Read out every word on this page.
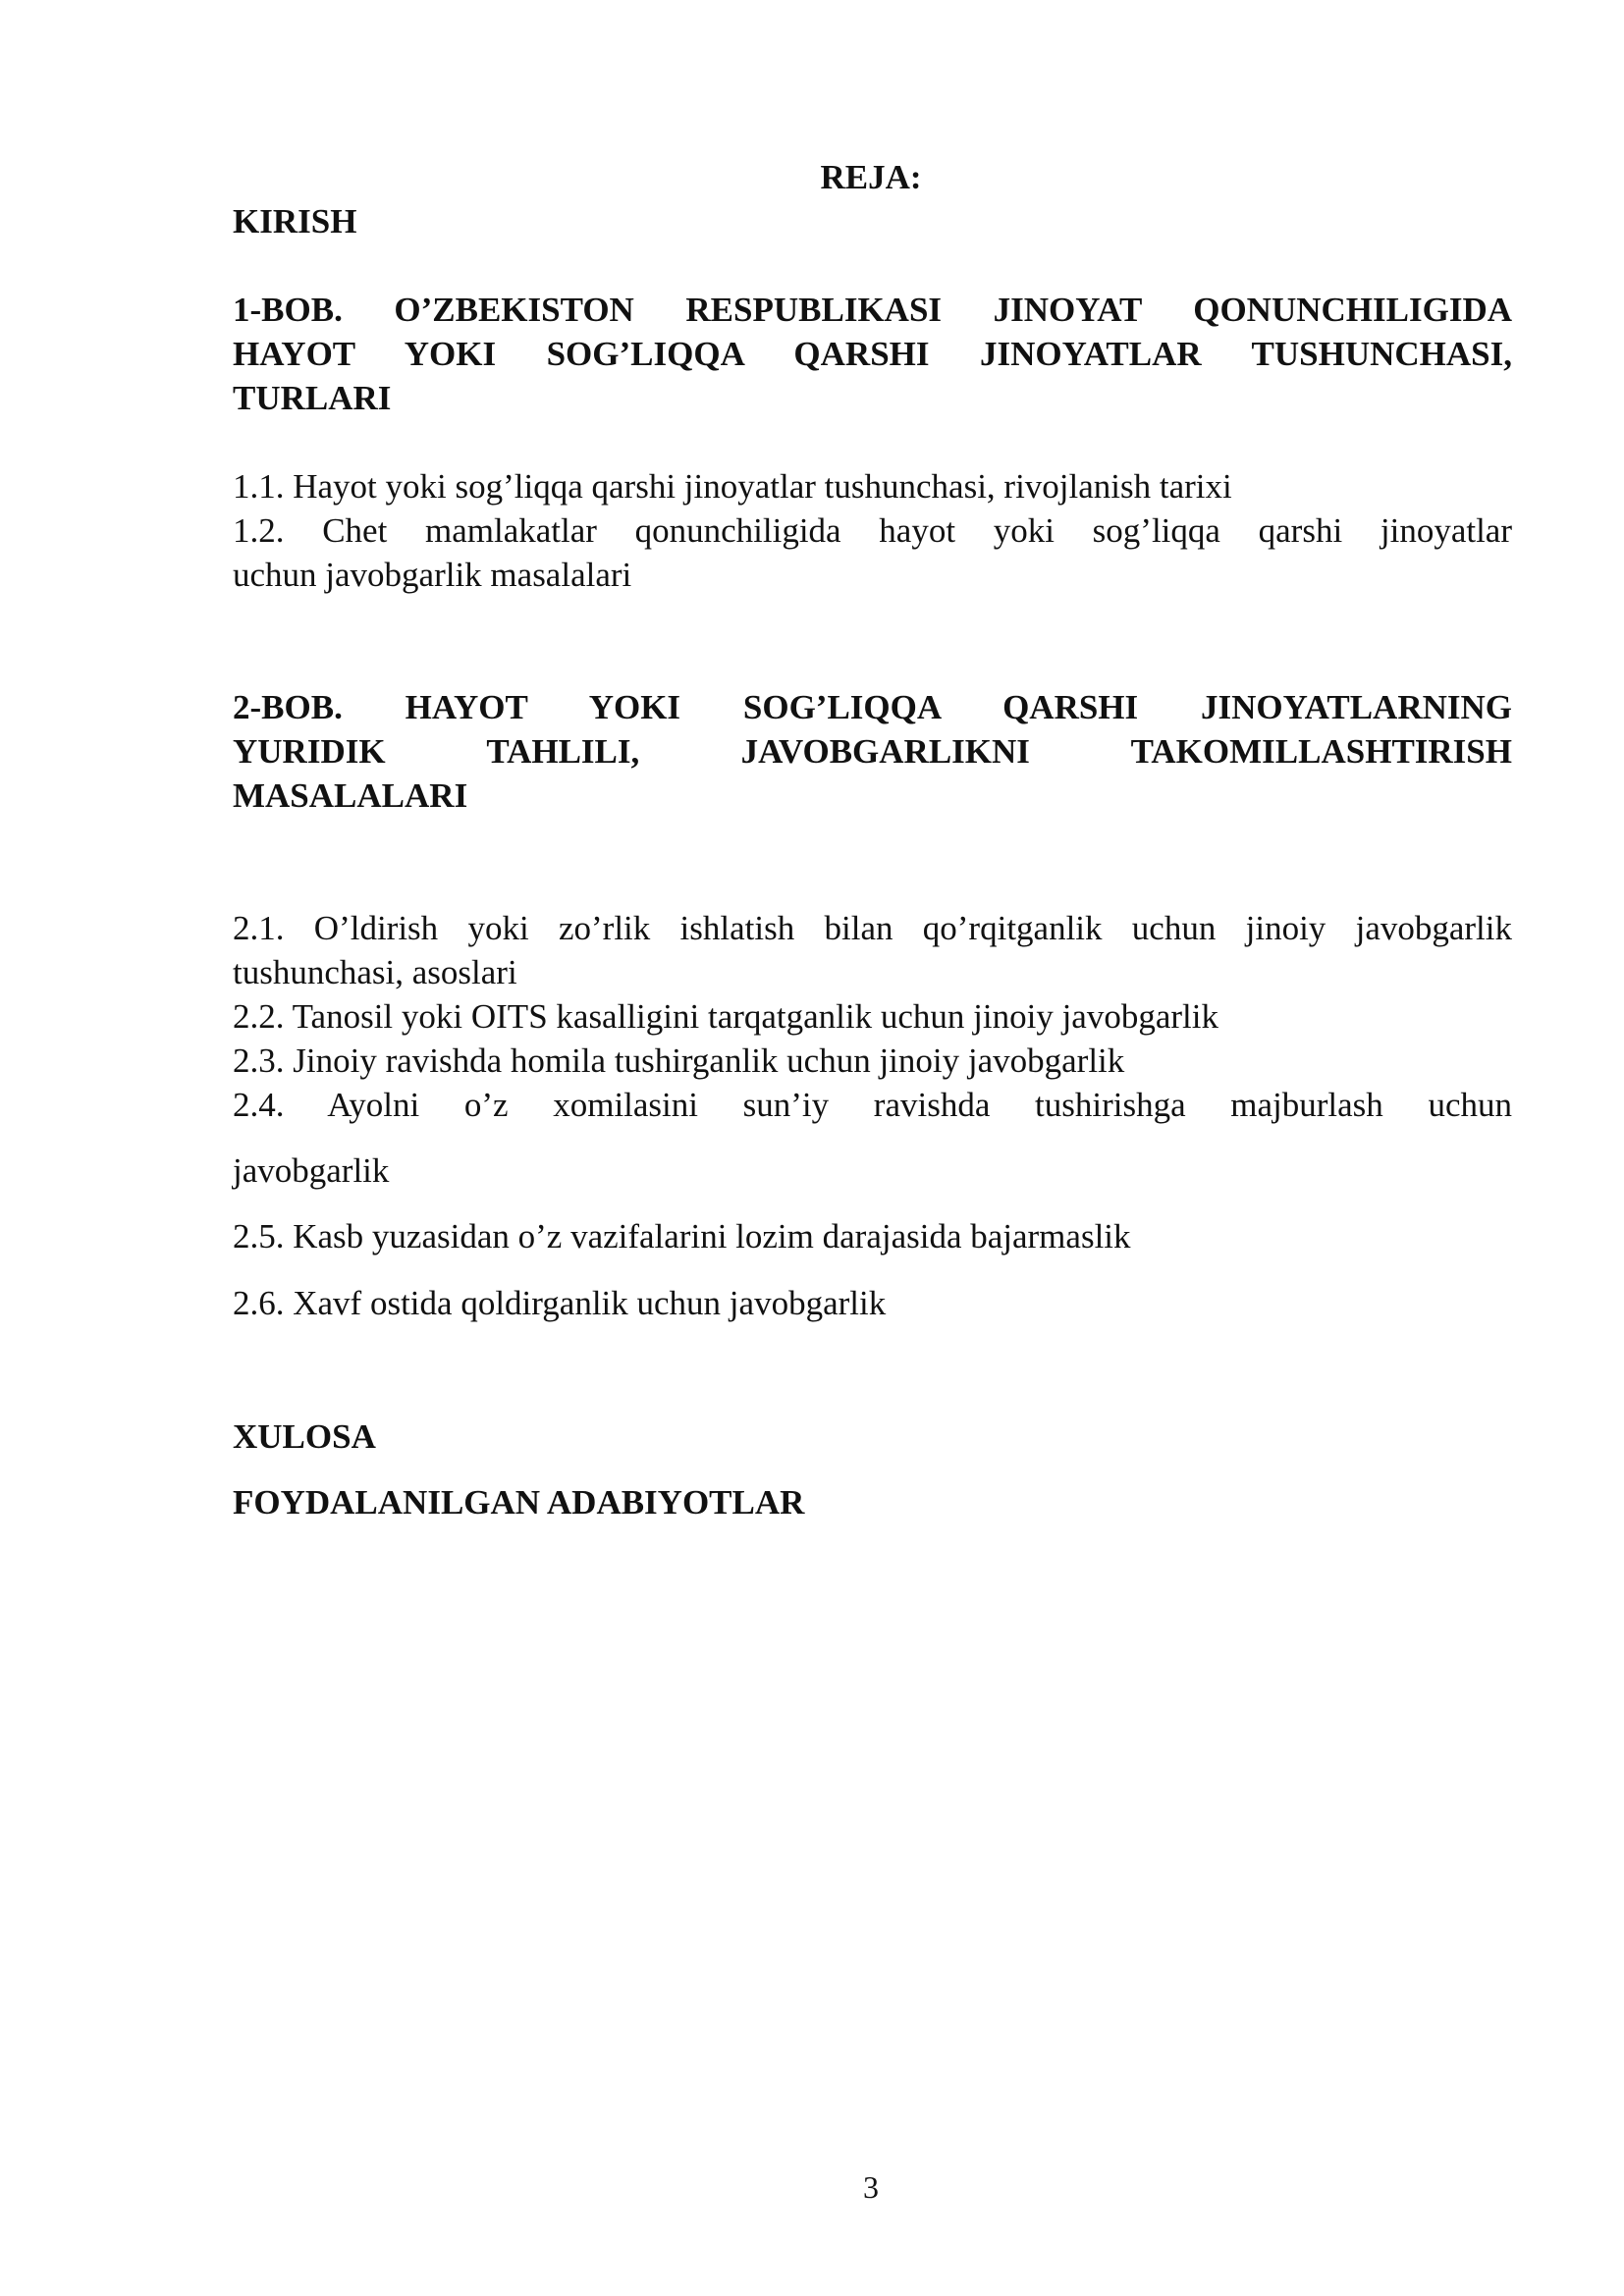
REJA:

KIRISH

1-BOB. O’ZBEKISTON RESPUBLIKASI JINOYAT QONUNCHILIGIDA
HAYOT YOKI SOG’LIQQA QARSHI JINOYATLAR TUSHUNCHASI,
TURLARI
1.1. Hayot yoki sog’liqqa qarshi jinoyatlar tushunchasi, rivojlanish tarixi
1.2. Chet mamlakatlar qonunchiligida hayot yoki sog’liqqa qarshi jinoyatlar
uchun javobgarlik masalalari
2-BOB. HAYOT YOKI SOG’LIQQA QARSHI JINOYATLARNING
YURIDIK TAHLILI, JAVOBGARLIKNI TAKOMILLASHTIRISH
MASALALARI
2.1. O’ldirish yoki zo’rlik ishlatish bilan qo’rqitganlik uchun jinoiy javobgarlik
tushunchasi, asoslari
2.2. Tanosil yoki OITS kasalligini tarqatganlik uchun jinoiy javobgarlik
2.3. Jinoiy ravishda homila tushirganlik uchun jinoiy javobgarlik
2.4. Ayolni o’z xomilasini sun’iy ravishda tushirishga majburlash uchun

javobgarlik

2.5. Kasb yuzasidan o’z vazifalarini lozim darajasida bajarmaslik

2.6. Xavf ostida qoldirganlik uchun javobgarlik

XULOSA

FOYDALANILGAN ADABIYOTLAR

3
